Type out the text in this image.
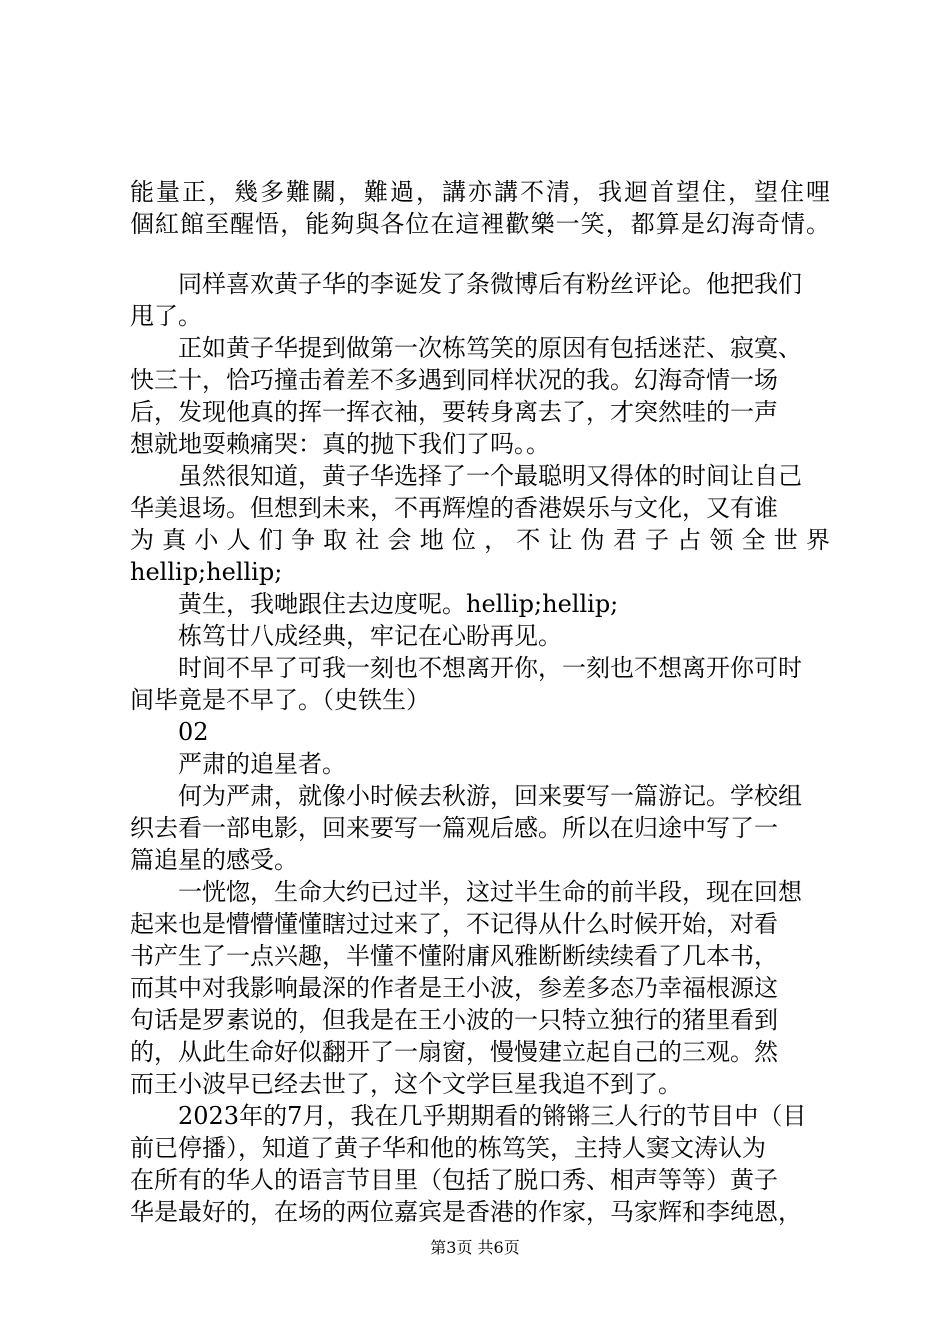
能量正，幾多難關，難過，講亦講不清，我迴首望住，望住哩
個紅館至醒悟，能夠與各位在這裡歡樂一笑，都算是幻海奇情。
同样喜欢黄子华的李诞发了条微博后有粉丝评论。他把我们
甩了。
正如黄子华提到做第一次栋笃笑的原因有包括迷茫、寂寞、
快三十，恰巧撞击着差不多遇到同样状况的我。幻海奇情一场
后，发现他真的挥一挥衣袖，要转身离去了，才突然哇的一声
想就地耍赖痛哭：真的抛下我们了吗。。
虽然很知道，黄子华选择了一个最聪明又得体的时间让自己
华美退场。但想到未来，不再辉煌的香港娱乐与文化，又有谁
为真小人们争取社会地位，不让伪君子占领全世界
hellip;hellip;
黄生，我哋跟住去边度呢。hellip;hellip;
栋笃廿八成经典，牢记在心盼再见。
时间不早了可我一刻也不想离开你，一刻也不想离开你可时
间毕竟是不早了。（史铁生）
02
严肃的追星者。
何为严肃，就像小时候去秋游，回来要写一篇游记。学校组
织去看一部电影，回来要写一篇观后感。所以在归途中写了一
篇追星的感受。
一恍惚，生命大约已过半，这过半生命的前半段，现在回想
起来也是懵懵懂懂瞎过过来了，不记得从什么时候开始，对看
书产生了一点兴趣，半懂不懂附庸风雅断断续续看了几本书，
而其中对我影响最深的作者是王小波，参差多态乃幸福根源这
句话是罗素说的，但我是在王小波的一只特立独行的猪里看到
的，从此生命好似翻开了一扇窗，慢慢建立起自己的三观。然
而王小波早已经去世了，这个文学巨星我追不到了。
2023年的7月，我在几乎期期看的锵锵三人行的节目中（目
前已停播），知道了黄子华和他的栋笃笑，主持人窦文涛认为
在所有的华人的语言节目里（包括了脱口秀、相声等等）黄子
华是最好的，在场的两位嘉宾是香港的作家，马家辉和李纯恩，
第3页 共6页
